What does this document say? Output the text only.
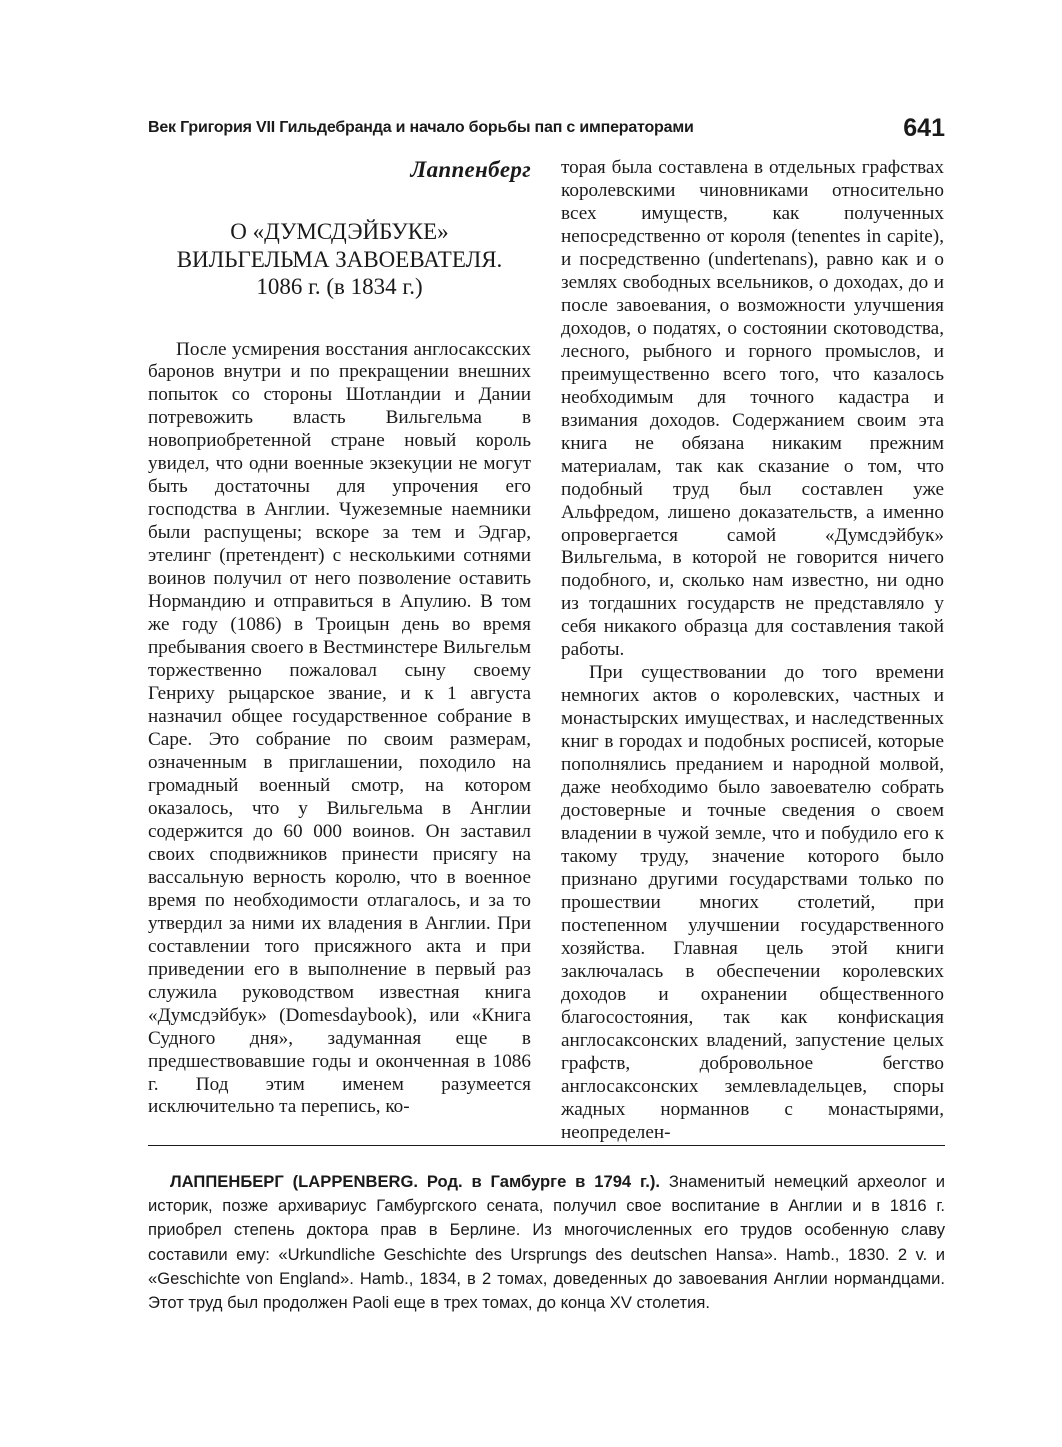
Век Григория VII Гильдебранда и начало борьбы пап с императорами	641
Лаппенберг
О «ДУМСДЭЙБУКЕ»
ВИЛЬГЕЛЬМА ЗАВОЕВАТЕЛЯ.
1086 г. (в 1834 г.)

После усмирения восстания англосаксских баронов внутри и по прекращении внешних попыток со стороны Шотландии и Дании потревожить власть Вильгельма в новоприобретенной стране новый король увидел, что одни военные экзекуции не могут быть достаточны для упрочения его господства в Англии. Чужеземные наемники были распущены; вскоре за тем и Эдгар, этелинг (претендент) с несколькими сотнями воинов получил от него позволение оставить Нормандию и отправиться в Апулию. В том же году (1086) в Троицын день во время пребывания своего в Вестминстере Вильгельм торжественно пожаловал сыну своему Генриху рыцарское звание, и к 1 августа назначил общее государственное собрание в Саре. Это собрание по своим размерам, означенным в приглашении, походило на громадный военный смотр, на котором оказалось, что у Вильгельма в Англии содержится до 60 000 воинов. Он заставил своих сподвижников принести присягу на вассальную верность королю, что в военное время по необходимости отлагалось, и за то утвердил за ними их владения в Англии. При составлении того присяжного акта и при приведении его в выполнение в первый раз служила руководством известная книга «Думсдэйбук» (Domesdaybook), или «Книга Судного дня», задуманная еще в предшествовавшие годы и оконченная в 1086 г. Под этим именем разумеется исключительно та перепись, ко-

торая была составлена в отдельных графствах королевскими чиновниками относительно всех имуществ, как полученных непосредственно от короля (tenentes in capite), и посредственно (undertenans), равно как и о землях свободных всельников, о доходах, до и после завоевания, о возможности улучшения доходов, о податях, о состоянии скотоводства, лесного, рыбного и горного промыслов, и преимущественно всего того, что казалось необходимым для точного кадастра и взимания доходов. Содержанием своим эта книга не обязана никаким прежним материалам, так как сказание о том, что подобный труд был составлен уже Альфредом, лишено доказательств, а именно опровергается самой «Думсдэйбук» Вильгельма, в которой не говорится ничего подобного, и, сколько нам известно, ни одно из тогдашних государств не представляло у себя никакого образца для составления такой работы.

При существовании до того времени немногих актов о королевских, частных и монастырских имуществах, и наследственных книг в городах и подобных росписей, которые пополнялись преданием и народной молвой, даже необходимо было завоевателю собрать достоверные и точные сведения о своем владении в чужой земле, что и побудило его к такому труду, значение которого было признано другими государствами только по прошествии многих столетий, при постепенном улучшении государственного хозяйства. Главная цель этой книги заключалась в обеспечении королевских доходов и охранении общественного благосостояния, так как конфискация англосаксонских владений, запустение целых графств, добровольное бегство англосаксонских землевладельцев, споры жадных норманнов с монастырями, неопределен-

ЛАППЕНБЕРГ (LAPPENBERG. Род. в Гамбурге в 1794 г.). Знаменитый немецкий археолог и историк, позже архивариус Гамбургского сената, получил свое воспитание в Англии и в 1816 г. приобрел степень доктора прав в Берлине. Из многочисленных его трудов особенную славу составили ему: «Urkundliche Geschichte des Ursprungs des deutschen Hansa». Hamb., 1830. 2 v. и «Geschichte von England». Hamb., 1834, в 2 томах, доведенных до завоевания Англии нормандцами. Этот труд был продолжен Paoli еще в трех томах, до конца XV столетия.
